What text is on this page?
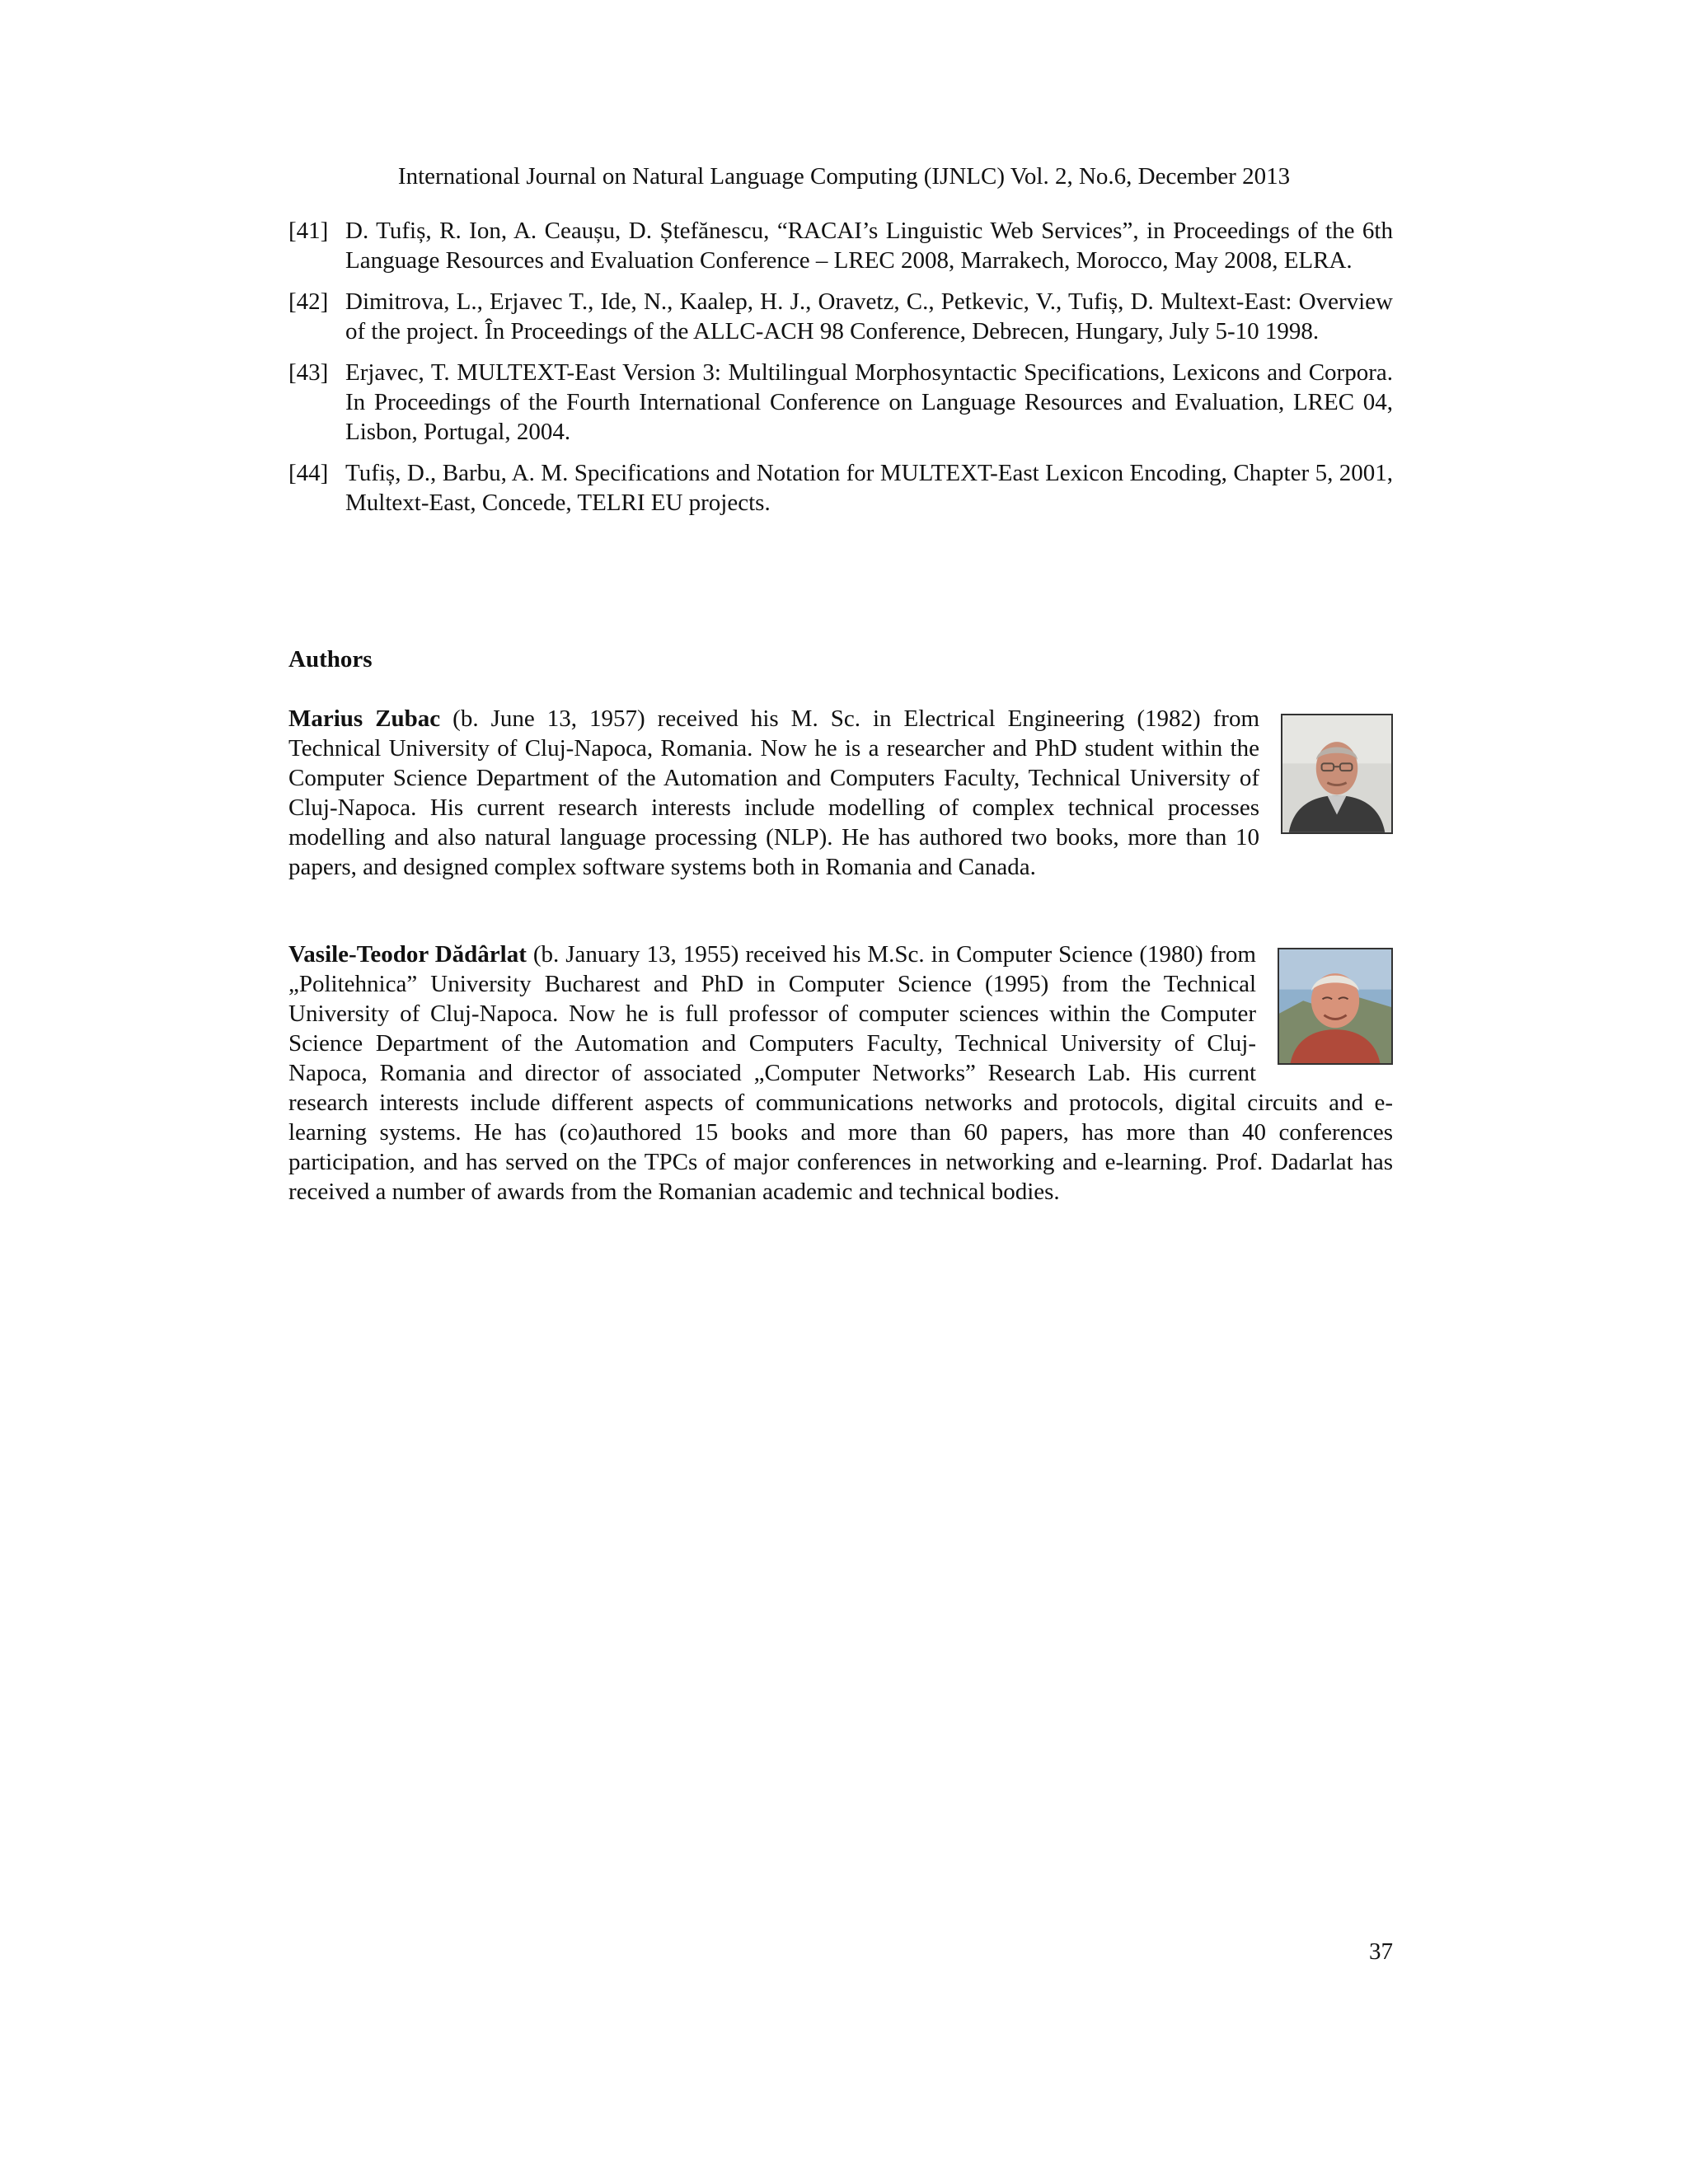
International Journal on Natural Language Computing (IJNLC) Vol. 2, No.6, December 2013
[41] D. Tufiș, R. Ion, A. Ceaușu, D. Ștefănescu, “RACAI’s Linguistic Web Services”, in Proceedings of the 6th Language Resources and Evaluation Conference – LREC 2008, Marrakech, Morocco, May 2008, ELRA.
[42] Dimitrova, L., Erjavec T., Ide, N., Kaalep, H. J., Oravetz, C., Petkevic, V., Tufiș, D. Multext-East: Overview of the project. În Proceedings of the ALLC-ACH 98 Conference, Debrecen, Hungary, July 5-10 1998.
[43] Erjavec, T. MULTEXT-East Version 3: Multilingual Morphosyntactic Specifications, Lexicons and Corpora. In Proceedings of the Fourth International Conference on Language Resources and Evaluation, LREC 04, Lisbon, Portugal, 2004.
[44] Tufiș, D., Barbu, A. M. Specifications and Notation for MULTEXT-East Lexicon Encoding, Chapter 5, 2001, Multext-East, Concede, TELRI EU projects.
Authors
Marius Zubac (b. June 13, 1957) received his M. Sc. in Electrical Engineering (1982) from Technical University of Cluj-Napoca, Romania. Now he is a researcher and PhD student within the Computer Science Department of the Automation and Computers Faculty, Technical University of Cluj-Napoca. His current research interests include modelling of complex technical processes modelling and also natural language processing (NLP). He has authored two books, more than 10 papers, and designed complex software systems both in Romania and Canada.
Vasile-Teodor Dădârlat (b. January 13, 1955) received his M.Sc. in Computer Science (1980) from „Politehnica” University Bucharest and PhD in Computer Science (1995) from the Technical University of Cluj-Napoca. Now he is full professor of computer sciences within the Computer Science Department of the Automation and Computers Faculty, Technical University of Cluj-Napoca, Romania and director of associated „Computer Networks” Research Lab. His current research interests include different aspects of communications networks and protocols, digital circuits and e-learning systems. He has (co)authored 15 books and more than 60 papers, has more than 40 conferences participation, and has served on the TPCs of major conferences in networking and e-learning. Prof. Dadarlat has received a number of awards from the Romanian academic and technical bodies.
37
